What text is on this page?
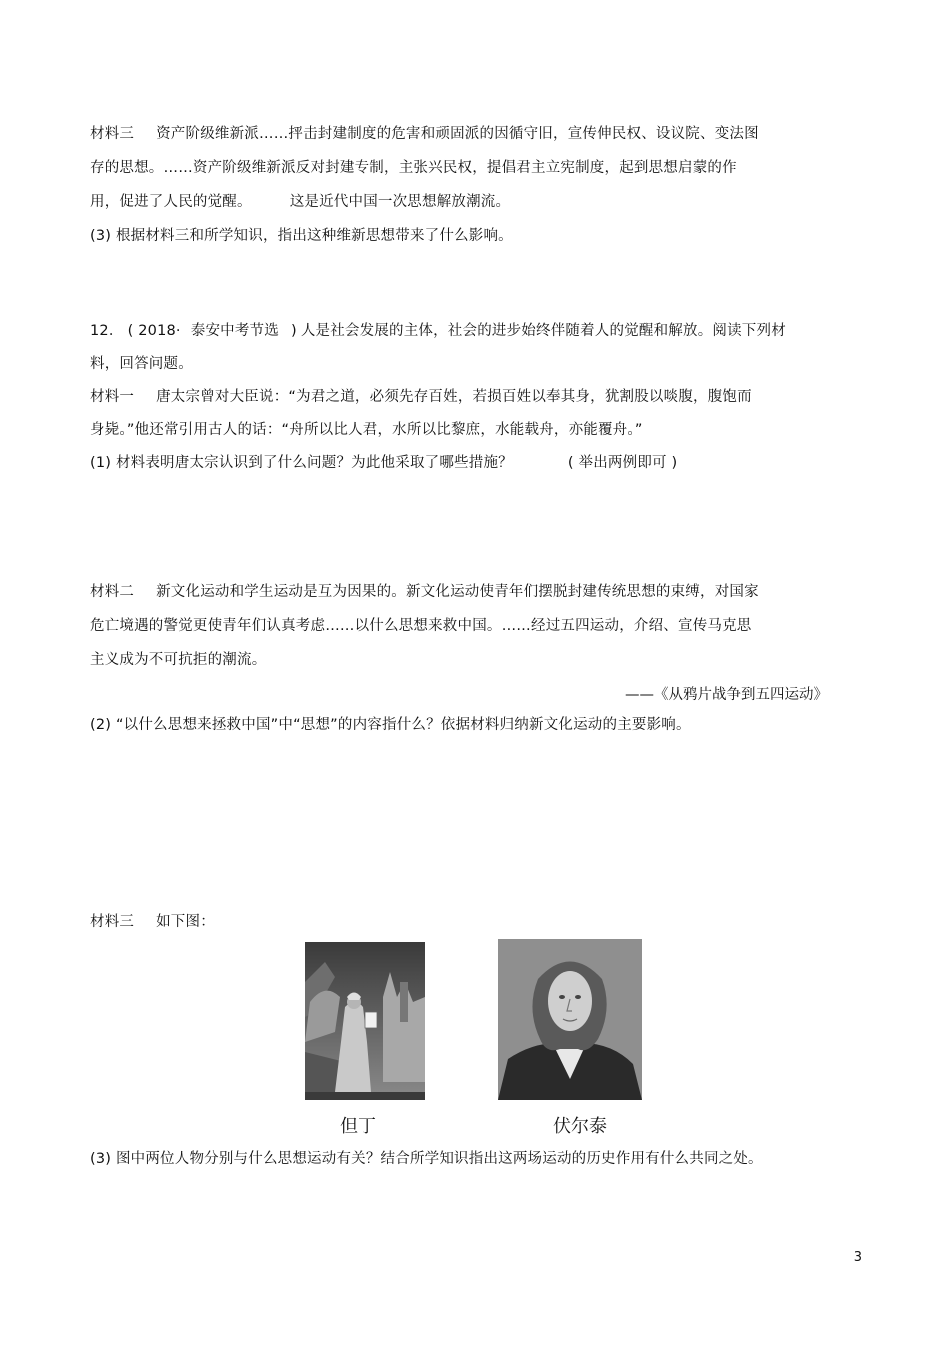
材料三 资产阶级维新派……抨击封建制度的危害和顽固派的因循守旧，宣传伸民权、设议院、变法图
存的思想。……资产阶级维新派反对封建专制，主张兴民权，提倡君主立宪制度，起到思想启蒙的作
用，促进了人民的觉醒。	这是近代中国一次思想解放潮流。
(3) 根据材料三和所学知识，指出这种维新思想带来了什么影响。
12． ( 2018· 泰安中考节选 ) 人是社会发展的主体，社会的进步始终伴随着人的觉醒和解放。阅读下列材
料，回答问题。
材料一 唐太宗曾对大臣说：“为君之道，必须先存百姓，若损百姓以奉其身，犹割股以啖腹，腹饱而
身毙。”他还常引用古人的话：“舟所以比人君，水所以比黎庶，水能载舟，亦能覆舟。”
(1) 材料表明唐太宗认识到了什么问题？为此他采取了哪些措施？	( 举出两例即可 )
材料二 新文化运动和学生运动是互为因果的。新文化运动使青年们摆脱封建传统思想的束缚，对国家
危亡境遇的警觉更使青年们认真考虑……以什么思想来救中国。……经过五四运动，介绍、宣传马克思
主义成为不可抗拒的潮流。
——《从鸦片战争到五四运动》
(2) “以什么思想来拯救中国”中“思想”的内容指什么？依据材料归纳新文化运动的主要影响。
材料三 如下图：
但丁	伏尔泰
(3) 图中两位人物分别与什么思想运动有关？结合所学知识指出这两场运动的历史作用有什么共同之处。
3
